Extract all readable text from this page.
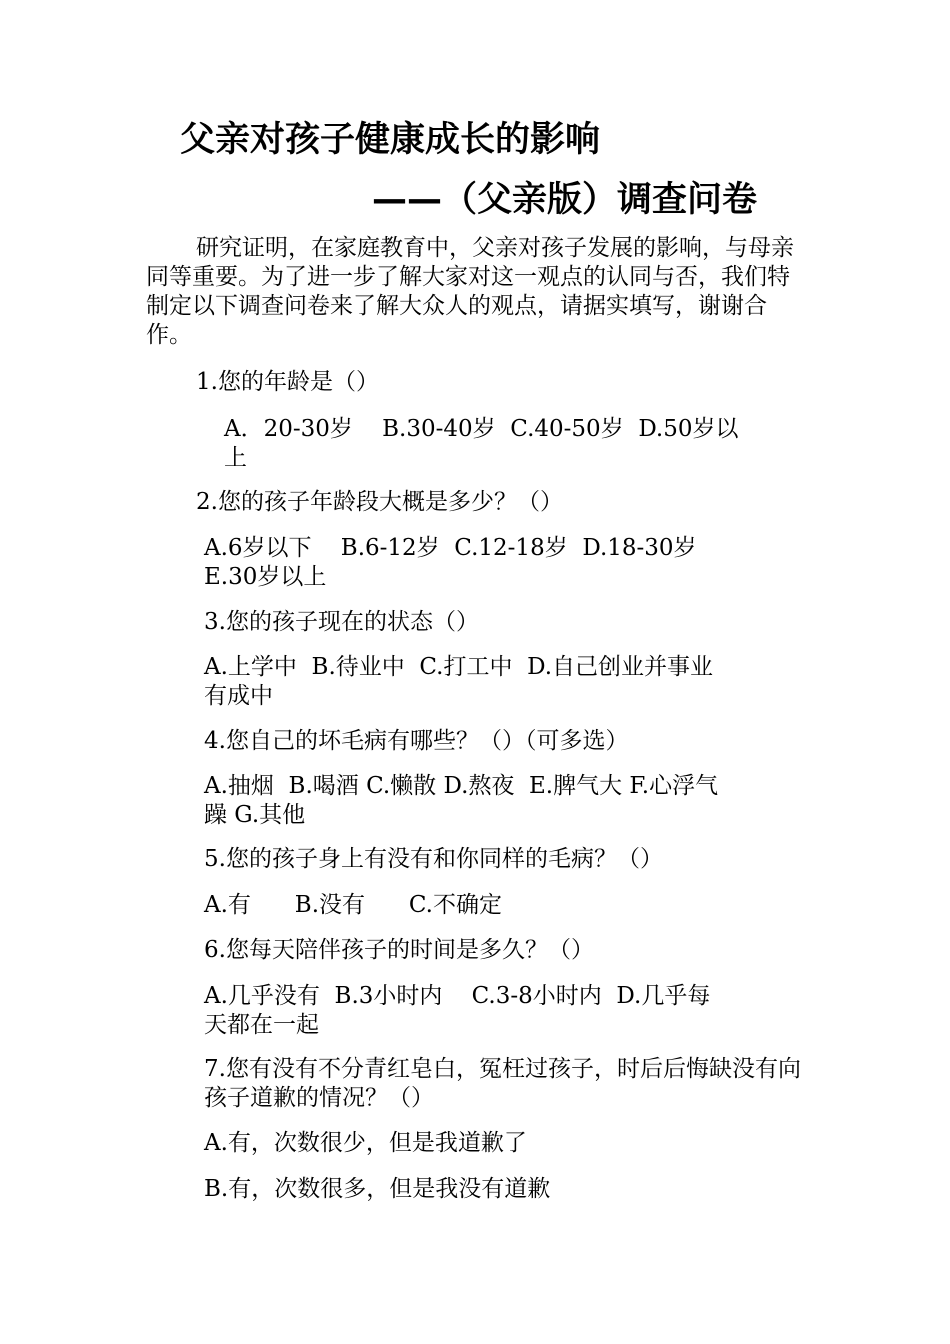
父亲对孩子健康成长的影响
——（父亲版）调查问卷

研究证明，在家庭教育中，父亲对孩子发展的影响，与母亲同等重要。为了进一步了解大家对这一观点的认同与否，我们特制定以下调查问卷来了解大众人的观点，请据实填写，谢谢合作。

1.您的年龄是（）

A．20-30岁    B.30-40岁  C.40-50岁  D.50岁以

上

2.您的孩子年龄段大概是多少？（）

A.6岁以下    B.6-12岁  C.12-18岁  D.18-30岁

E.30岁以上

3.您的孩子现在的状态（）

A.上学中  B.待业中  C.打工中  D.自己创业并事业

有成中

4.您自己的坏毛病有哪些？（）（可多选）

A.抽烟  B.喝酒 C.懒散 D.熬夜  E.脾气大 F.心浮气

躁 G.其他

5.您的孩子身上有没有和你同样的毛病？（）

A.有      B.没有      C.不确定

6.您每天陪伴孩子的时间是多久？（）

A.几乎没有  B.3小时内    C.3-8小时内  D.几乎每

天都在一起

7.您有没有不分青红皂白，冤枉过孩子，时后后悔缺没有向孩子道歉的情况？（）

A.有，次数很少，但是我道歉了

B.有，次数很多，但是我没有道歉
